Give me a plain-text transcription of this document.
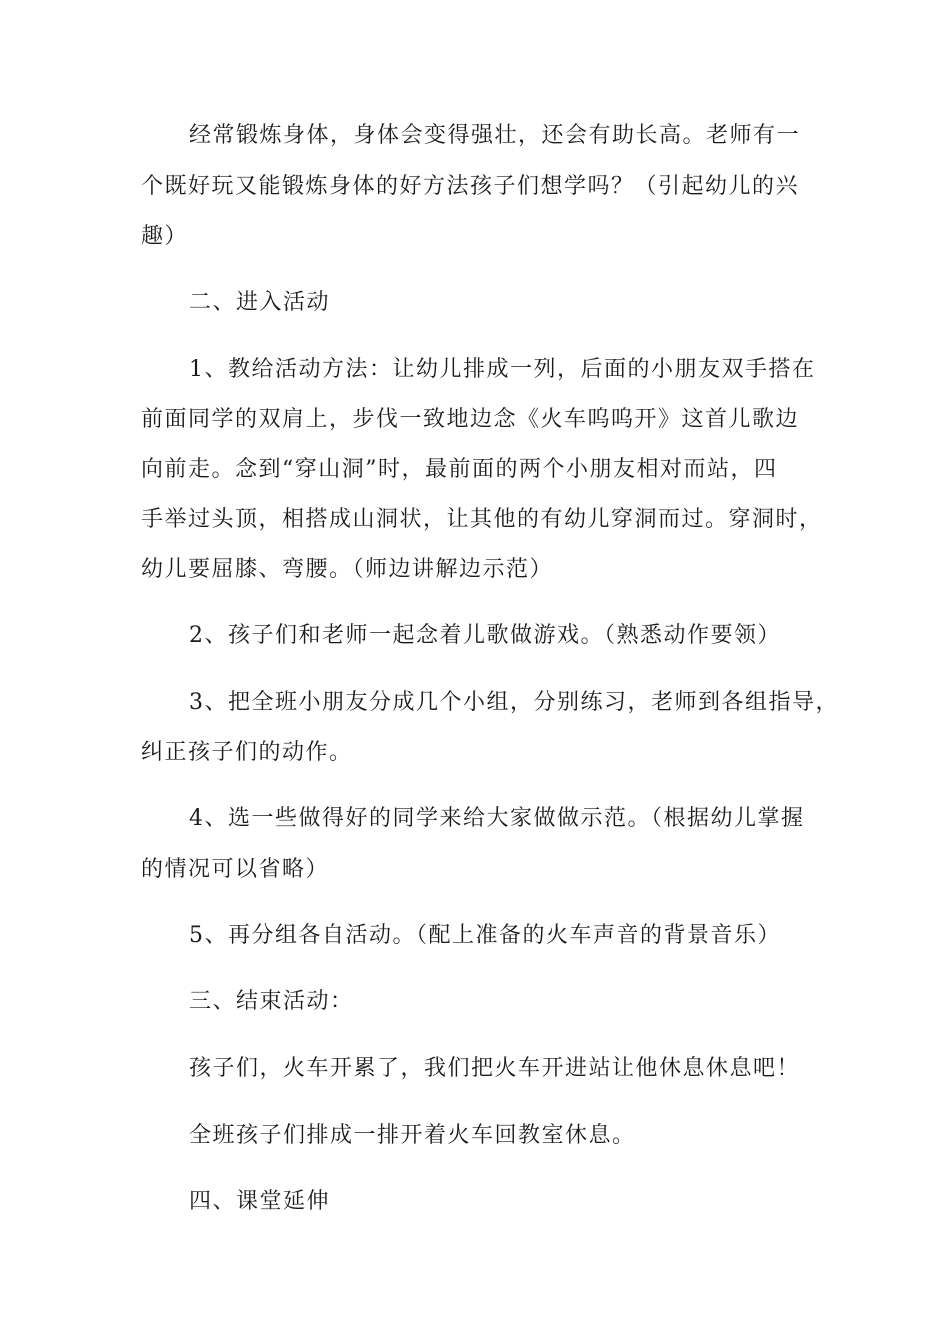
经常锻炼身体，身体会变得强壮，还会有助长高。老师有一
个既好玩又能锻炼身体的好方法孩子们想学吗？（引起幼儿的兴
趣）
二、进入活动
1、教给活动方法：让幼儿排成一列，后面的小朋友双手搭在
前面同学的双肩上，步伐一致地边念《火车呜呜开》这首儿歌边
向前走。念到“穿山洞”时，最前面的两个小朋友相对而站，四
手举过头顶，相搭成山洞状，让其他的有幼儿穿洞而过。穿洞时，
幼儿要屈膝、弯腰。（师边讲解边示范）
2、孩子们和老师一起念着儿歌做游戏。（熟悉动作要领）
3、把全班小朋友分成几个小组，分别练习，老师到各组指导，
纠正孩子们的动作。
4、选一些做得好的同学来给大家做做示范。（根据幼儿掌握
的情况可以省略）
5、再分组各自活动。（配上准备的火车声音的背景音乐）
三、结束活动：
孩子们，火车开累了，我们把火车开进站让他休息休息吧！
全班孩子们排成一排开着火车回教室休息。
四、课堂延伸
